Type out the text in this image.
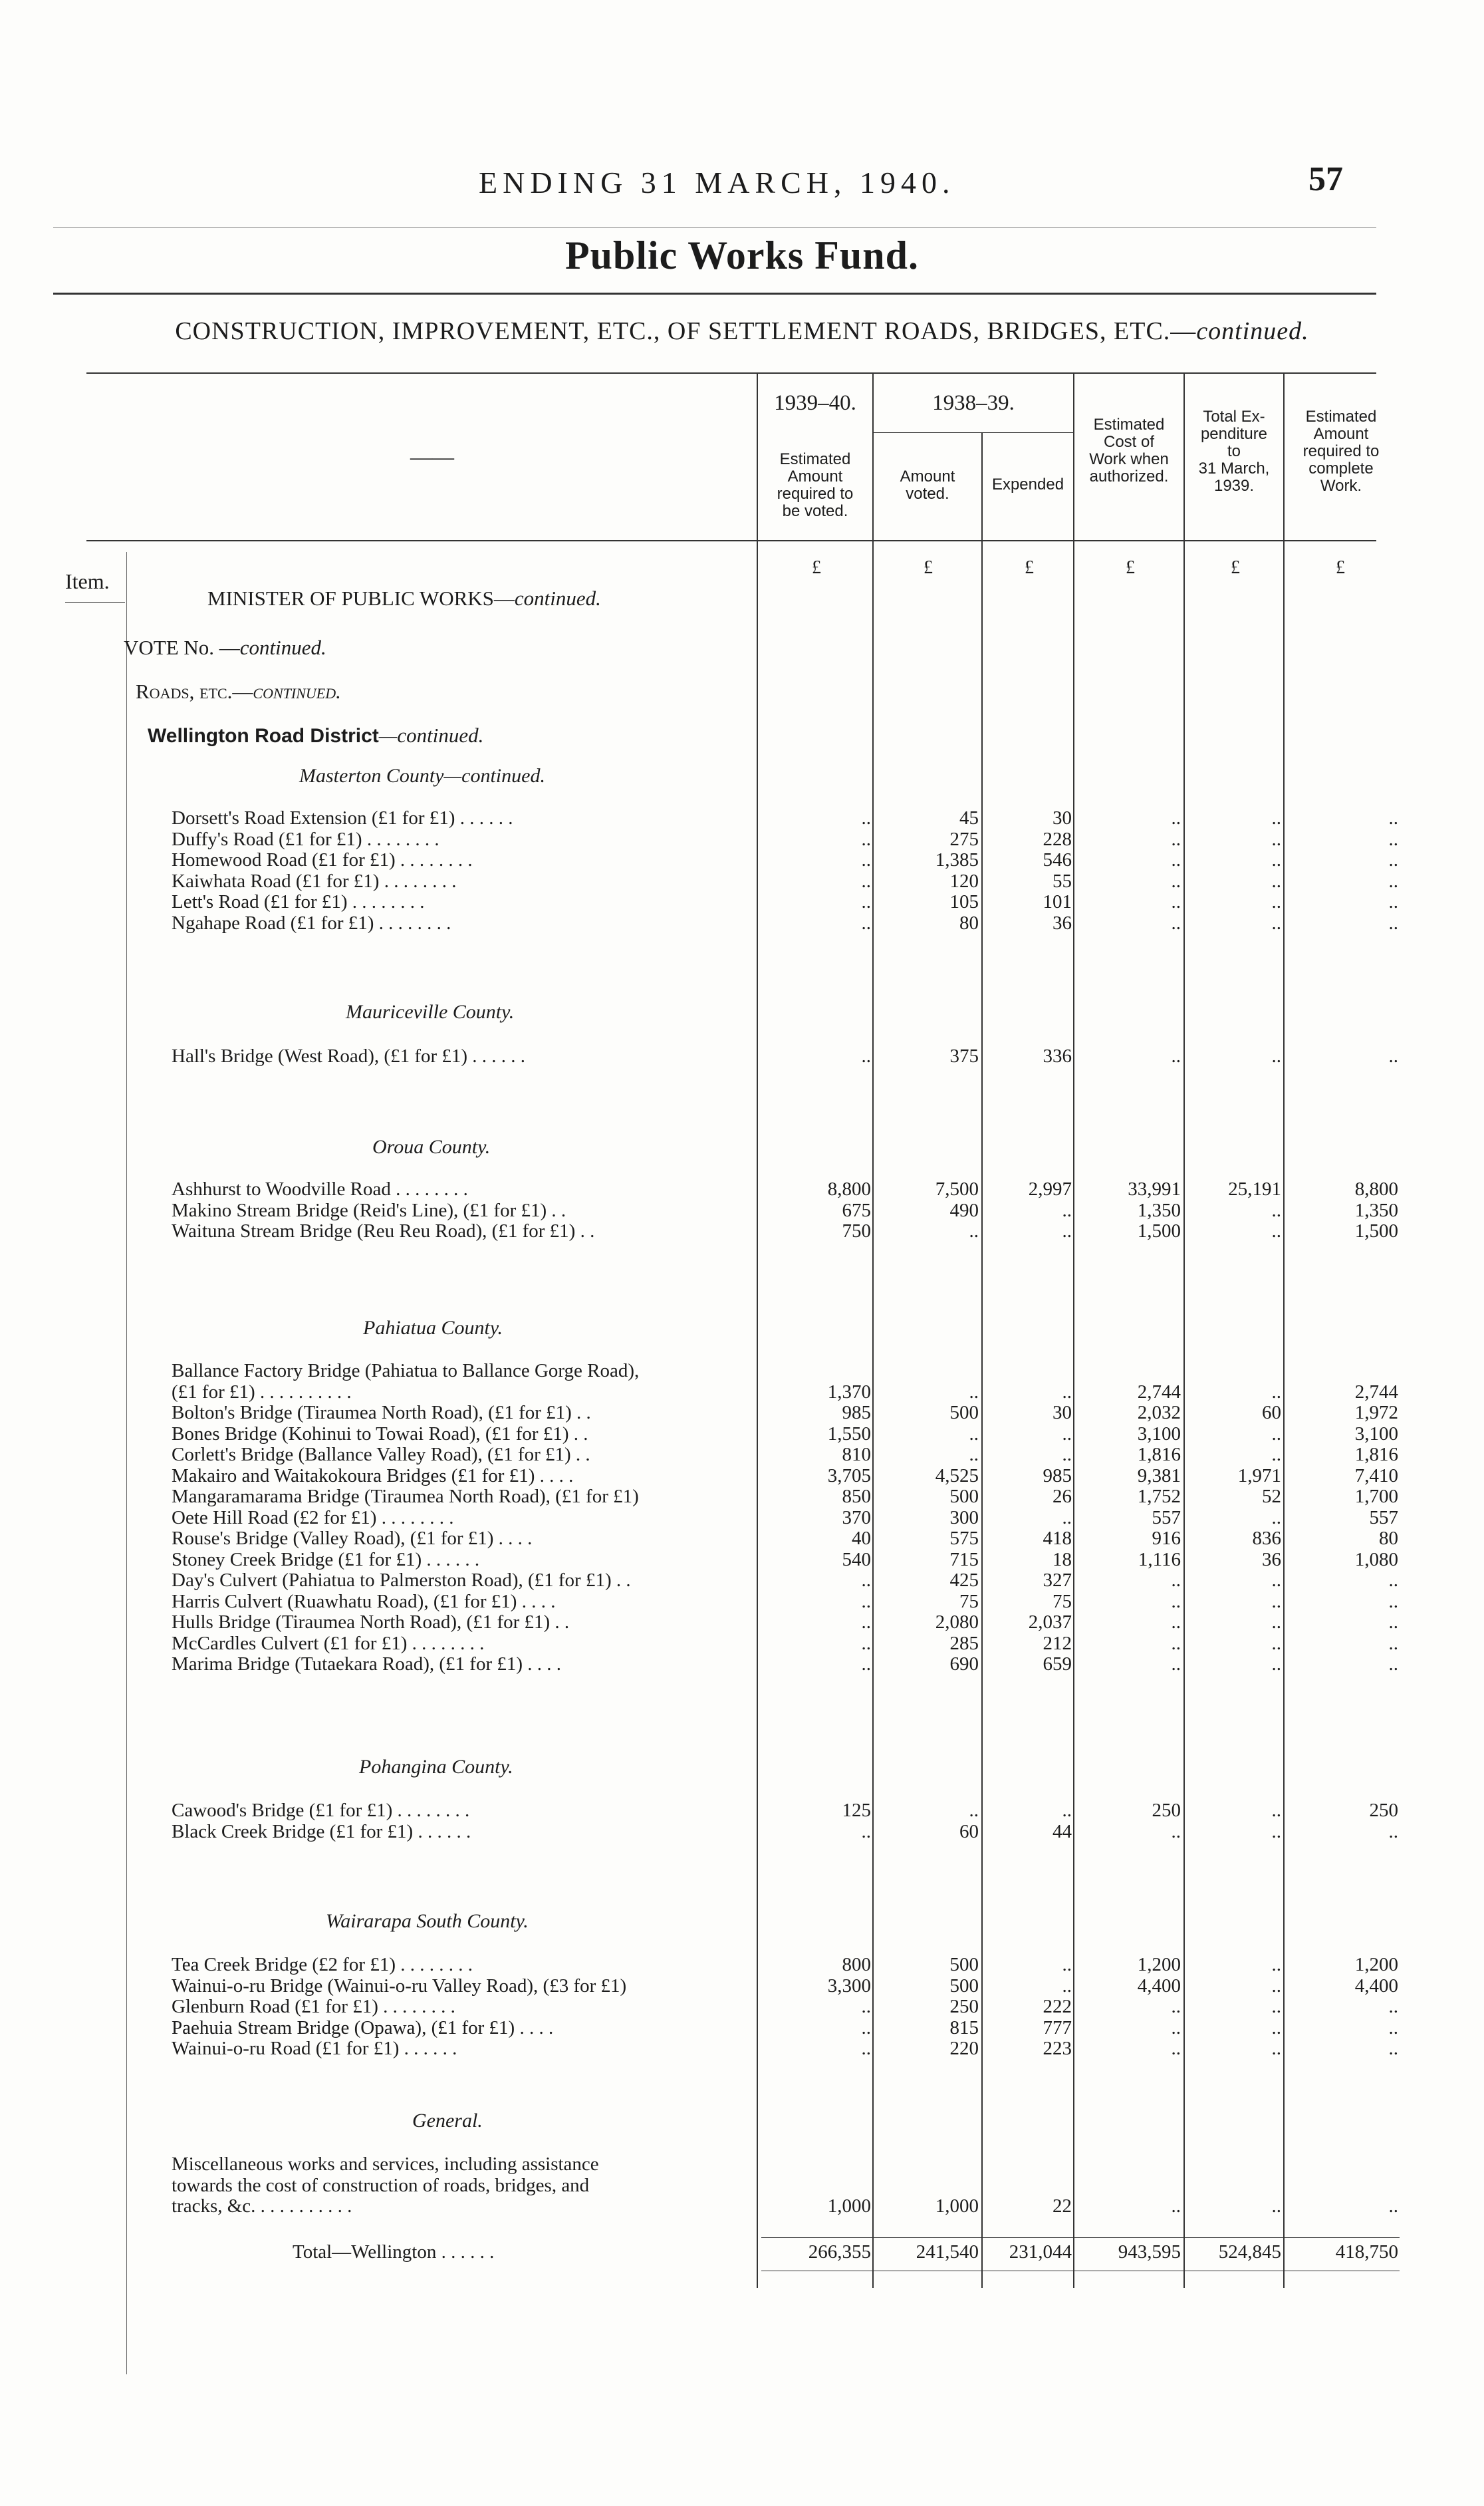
ENDING 31 MARCH, 1940.	57
Public Works Fund.
CONSTRUCTION, IMPROVEMENT, ETC., OF SETTLEMENT ROADS, BRIDGES, ETC.—continued.
——
1939–40.	1938–39.
Estimated
Amount
required to
be voted.
Amount
voted.
Expended
Estimated
Cost of
Work when
authorized.
Total Ex-
penditure
to
31 March,
1939.
Estimated
Amount
required to
complete
Work.
£	£	£	£	£	£
Item.
MINISTER OF PUBLIC WORKS—continued.
VOTE No. —continued.
Roads, etc.—continued.
Wellington Road District—continued.
Masterton County—continued.
Dorsett's Road Extension (£1 for £1) . . . . . .	..	45	30	..	..	..
Duffy's Road (£1 for £1) . . . . . . . .	..	275	228	..	..	..
Homewood Road (£1 for £1) . . . . . . . .	..	1,385	546	..	..	..
Kaiwhata Road (£1 for £1) . . . . . . . .	..	120	55	..	..	..
Lett's Road (£1 for £1) . . . . . . . .	..	105	101	..	..	..
Ngahape Road (£1 for £1) . . . . . . . .	..	80	36	..	..	..
Mauriceville County.
Hall's Bridge (West Road), (£1 for £1) . . . . . .	..	375	336	..	..	..
Oroua County.
Ashhurst to Woodville Road . . . . . . . .	8,800	7,500	2,997	33,991	25,191	8,800
Makino Stream Bridge (Reid's Line), (£1 for £1) . .	675	490	..	1,350	..	1,350
Waituna Stream Bridge (Reu Reu Road), (£1 for £1) . .	750	..	..	1,500	..	1,500
Pahiatua County.
Ballance Factory Bridge (Pahiatua to Ballance Gorge Road),
(£1 for £1) . . . . . . . . . .	1,370	..	..	2,744	..	2,744
Bolton's Bridge (Tiraumea North Road), (£1 for £1) . .	985	500	30	2,032	60	1,972
Bones Bridge (Kohinui to Towai Road), (£1 for £1) . .	1,550	..	..	3,100	..	3,100
Corlett's Bridge (Ballance Valley Road), (£1 for £1) . .	810	..	..	1,816	..	1,816
Makairo and Waitakokoura Bridges (£1 for £1) . . . .	3,705	4,525	985	9,381	1,971	7,410
Mangaramarama Bridge (Tiraumea North Road), (£1 for £1)	850	500	26	1,752	52	1,700
Oete Hill Road (£2 for £1) . . . . . . . .	370	300	..	557	..	557
Rouse's Bridge (Valley Road), (£1 for £1) . . . .	40	575	418	916	836	80
Stoney Creek Bridge (£1 for £1) . . . . . .	540	715	18	1,116	36	1,080
Day's Culvert (Pahiatua to Palmerston Road), (£1 for £1) . .	..	425	327	..	..	..
Harris Culvert (Ruawhatu Road), (£1 for £1) . . . .	..	75	75	..	..	..
Hulls Bridge (Tiraumea North Road), (£1 for £1) . .	..	2,080	2,037	..	..	..
McCardles Culvert (£1 for £1) . . . . . . . .	..	285	212	..	..	..
Marima Bridge (Tutaekara Road), (£1 for £1) . . . .	..	690	659	..	..	..
Pohangina County.
Cawood's Bridge (£1 for £1) . . . . . . . .	125	..	..	250	..	250
Black Creek Bridge (£1 for £1) . . . . . .	..	60	44	..	..	..
Wairarapa South County.
Tea Creek Bridge (£2 for £1) . . . . . . . .	800	500	..	1,200	..	1,200
Wainui-o-ru Bridge (Wainui-o-ru Valley Road), (£3 for £1)	3,300	500	..	4,400	..	4,400
Glenburn Road (£1 for £1) . . . . . . . .	..	250	222	..	..	..
Paehuia Stream Bridge (Opawa), (£1 for £1) . . . .	..	815	777	..	..	..
Wainui-o-ru Road (£1 for £1) . . . . . .	..	220	223	..	..	..
General.
Miscellaneous works and services, including assistance
towards the cost of construction of roads, bridges, and
tracks, &c. . . . . . . . . . .	1,000	1,000	22	..	..	..
Total—Wellington . . . . . .	266,355	241,540	231,044	943,595	524,845	418,750
